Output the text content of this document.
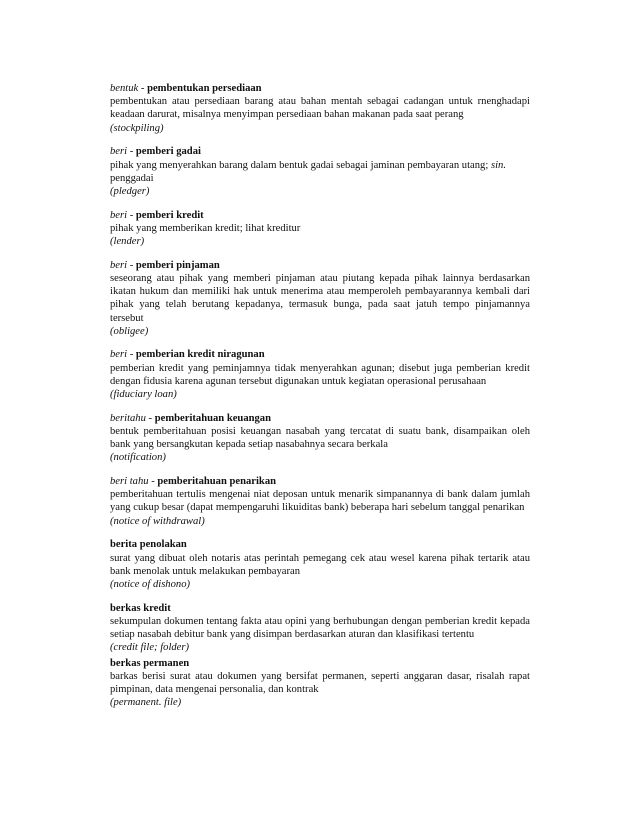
bentuk - pembentukan persediaan
pembentukan atau persediaan barang atau bahan mentah sebagai cadangan untuk rnenghadapi keadaan darurat, misalnya menyimpan persediaan bahan makanan pada saat perang
(stockpiling)
beri - pemberi gadai
pihak yang menyerahkan barang dalam bentuk gadai sebagai jaminan pembayaran utang; sin.
penggadai
(pledger)
beri - pemberi kredit
pihak yang memberikan kredit; lihat kreditur
(lender)
beri - pemberi pinjaman
seseorang atau pihak yang memberi pinjaman atau piutang kepada pihak lainnya berdasarkan ikatan hukum dan memiliki hak untuk menerima atau memperoleh pembayarannya kembali dari pihak yang telah berutang kepadanya, termasuk bunga, pada saat jatuh tempo pinjamannya tersebut
(obligee)
beri - pemberian kredit niragunan
pemberian kredit yang peminjamnya tidak menyerahkan agunan; disebut juga pemberian kredit dengan fidusia karena agunan tersebut digunakan untuk kegiatan operasional perusahaan
(fiduciary loan)
beritahu - pemberitahuan keuangan
bentuk pemberitahuan posisi keuangan nasabah yang tercatat di suatu bank, disampaikan oleh bank yang bersangkutan kepada setiap nasabahnya secara berkala
(notification)
beri tahu - pemberitahuan penarikan
pemberitahuan tertulis mengenai niat deposan untuk menarik simpanannya di bank dalam jumlah yang cukup besar (dapat mempengaruhi likuiditas bank) beberapa hari sebelum tanggal penarikan
(notice of withdrawal)
berita penolakan
surat yang dibuat oleh notaris atas perintah pemegang cek atau wesel karena pihak tertarik atau bank menolak untuk melakukan pembayaran
(notice of dishono)
berkas kredit
sekumpulan dokumen tentang fakta atau opini yang berhubungan dengan pemberian kredit kepada setiap nasabah debitur bank yang disimpan berdasarkan aturan dan klasifikasi tertentu
(credit file; folder)
berkas permanen
barkas berisi surat atau dokumen yang bersifat permanen, seperti anggaran dasar, risalah rapat pimpinan, data mengenai personalia, dan kontrak
(permanent. file)
